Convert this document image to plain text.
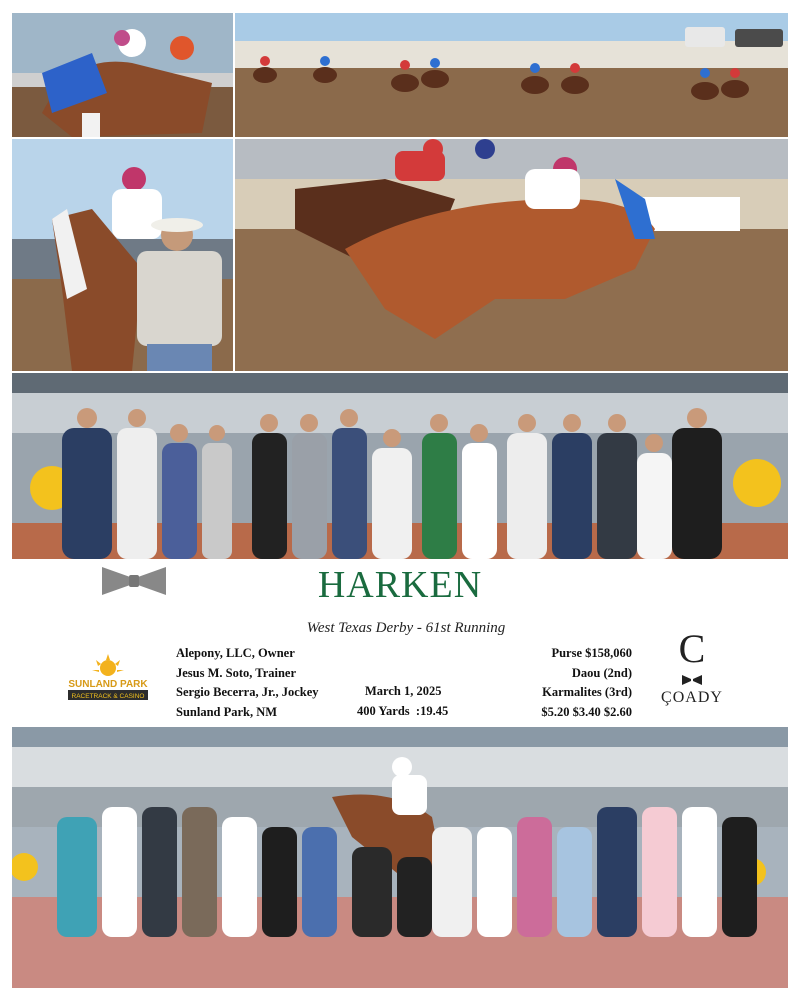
HARKEN
West Texas Derby - 61st Running
SUNLAND PARK
RACETRACK & CASINO
Alepony, LLC, Owner
Jesus M. Soto, Trainer
Sergio Becerra, Jr., Jockey
Sunland Park, NM
March 1, 2025
400 Yards  :19.45
Purse $158,060
Daou (2nd)
Karmalites (3rd)
$5.20 $3.40 $2.60
C
ÇOADY
